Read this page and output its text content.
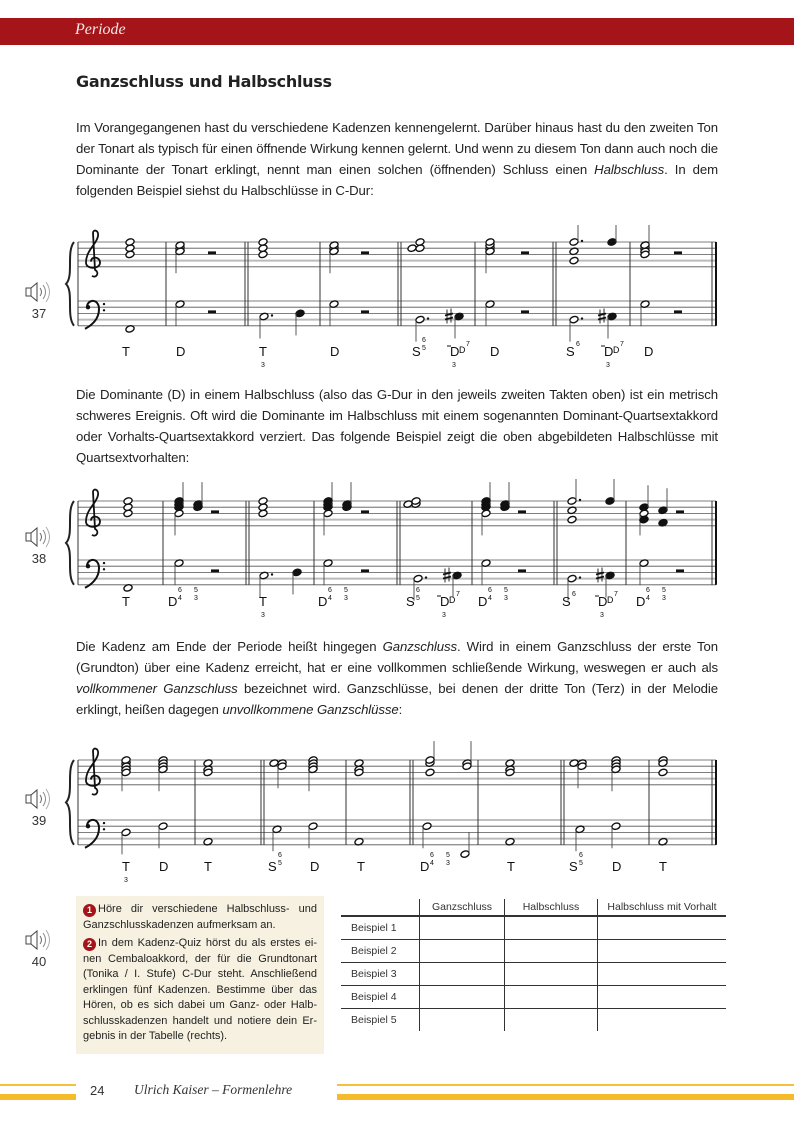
Periode
Ganzschluss und Halbschluss

Im Vorangegangenen hast du verschiedene Kadenzen kennengelernt. Darüber hinaus hast du den zweiten Ton der Tonart als typisch für einen öffnende Wirkung kennen gelernt. Und wenn zu diesem Ton dann auch noch die Dominante der Tonart erklingt, nennt man einen solchen (öffnenden) Schluss einen Halbschluss. In dem folgenden Beispiel siehst du Halbschlüsse in C-Dur:

37
T	D	T
3
D	S
6 5 Dᴰ
3
7 D	S 6 Dᴰ
3
7 D

Die Dominante (D) in einem Halbschluss (also das G-Dur in den jeweils zweiten Takten oben) ist ein metrisch schweres Ereignis. Oft wird die Dominante im Halbschluss mit einem sogenannten Dominant-Quartsextakkord oder Vorhalts-Quartsextakkord verziert. Das folgende Beispiel zeigt die oben abgebildeten Halbschlüsse mit Quartsextvorhalten:

38
T	D
6 4
5 3	T
3
D
6 4
5 3	S
6 5 Dᴰ
3
7 D
6 4
5 3	S 6 Dᴰ
3
7 D
6 4
5 3

Die Kadenz am Ende der Periode heißt hingegen Ganzschluss. Wird in einem Ganzschluss der erste Ton (Grundton) über eine Kadenz erreicht, hat er eine vollkommen schließende Wirkung, weswegen er auch als vollkommener Ganzschluss bezeichnet wird. Ganzschlüsse, bei denen der dritte Ton (Terz) in der Melodie erklingt, heißen dagegen unvollkommene Ganzschlüsse:

39
T
3
D	T	S
6 5 D	T	D
6 4
5 3	T	S
6 5 D	T
40

1 Höre dir verschiedene Halbschluss- und Ganzschlusskadenzen aufmerksam an.

2 In dem Kadenz-Quiz hörst du als erstes einen Cembaloakkord, der für die Grundtonart (Tonika / I. Stufe) C-Dur steht. Anschließend erklingen fünf Kadenzen. Bestimme über das Hören, ob es sich dabei um Ganz- oder Halbschlusskadenzen handelt und notiere dein Ergebnis in der Tabelle (rechts).

	Ganzschluss	Halbschluss	Halbschluss mit Vorhalt
Beispiel 1			
Beispiel 2			
Beispiel 3			
Beispiel 4			
Beispiel 5			
24 Ulrich Kaiser – Formenlehre
